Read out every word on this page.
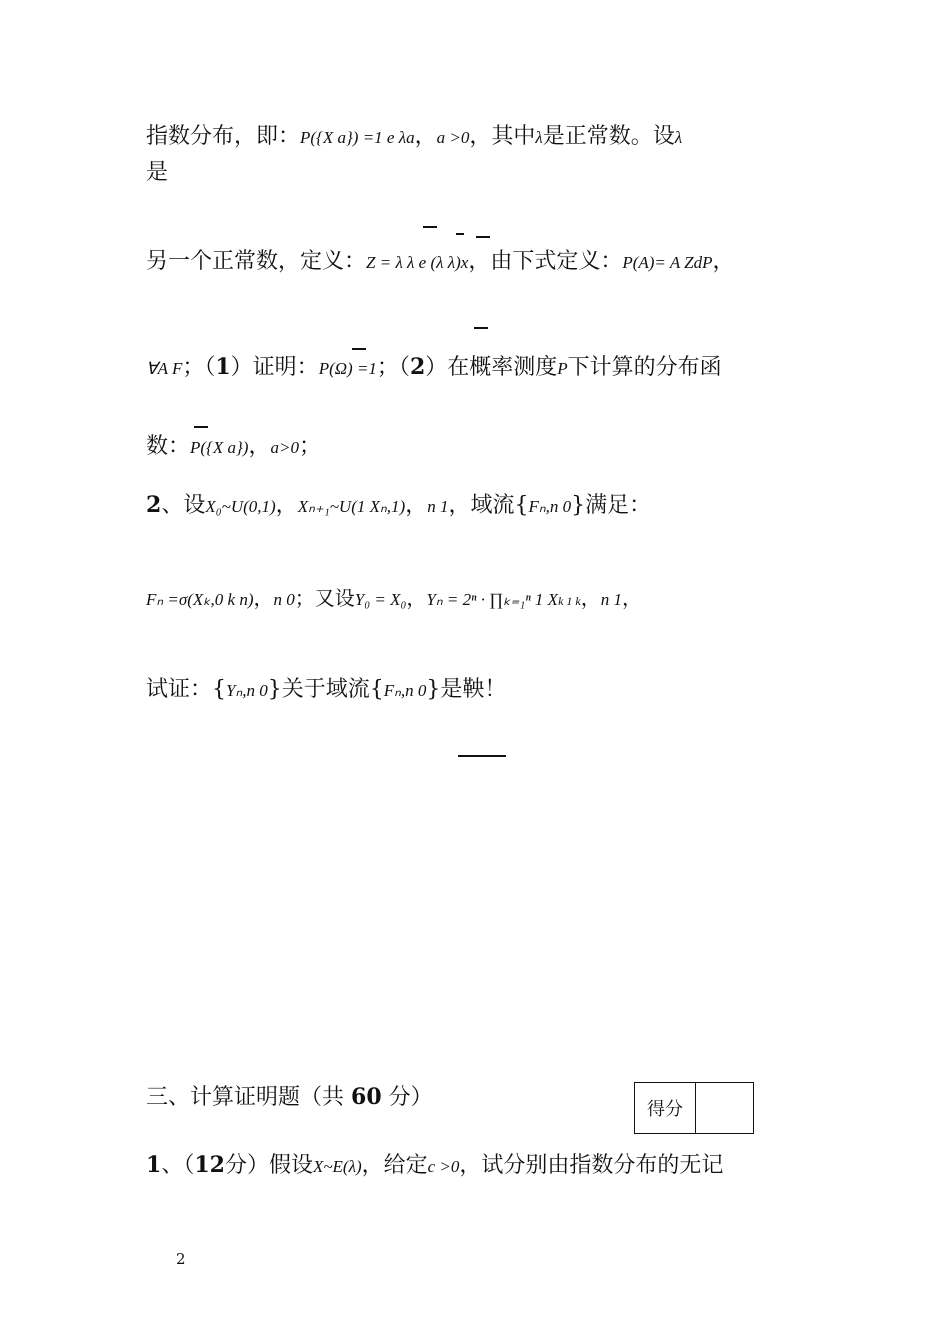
指数分布，即：P({X a}) =1 e λa，a >0，其中λ是正常数。设λ
是
另一个正常数，定义：Z = λ λ e (λ λ)x，由下式定义：P(A)= A ZdP，
∀A F；（1）证明：P(Ω) =1；（2）在概率测度P下计算的分布函
数：P({X a})，a>0；
2、设X₀~U(0,1)，Xₙ₊₁~U(1 Xₙ,1)，n 1，域流{Fₙ,n 0}满足：
Fₙ =σ(Xₖ,0 k n)，n 0；又设Y₀ = X₀，Yₙ = 2ⁿ · ∏ₖ₌₁ⁿ 1 Xk 1 k，n 1，
试证：{Yₙ,n 0}关于域流{Fₙ,n 0}是鞅！
三、计算证明题（共 60 分）	得分
1、（12分）假设X~E(λ)，给定c >0，试分别由指数分布的无记
2
